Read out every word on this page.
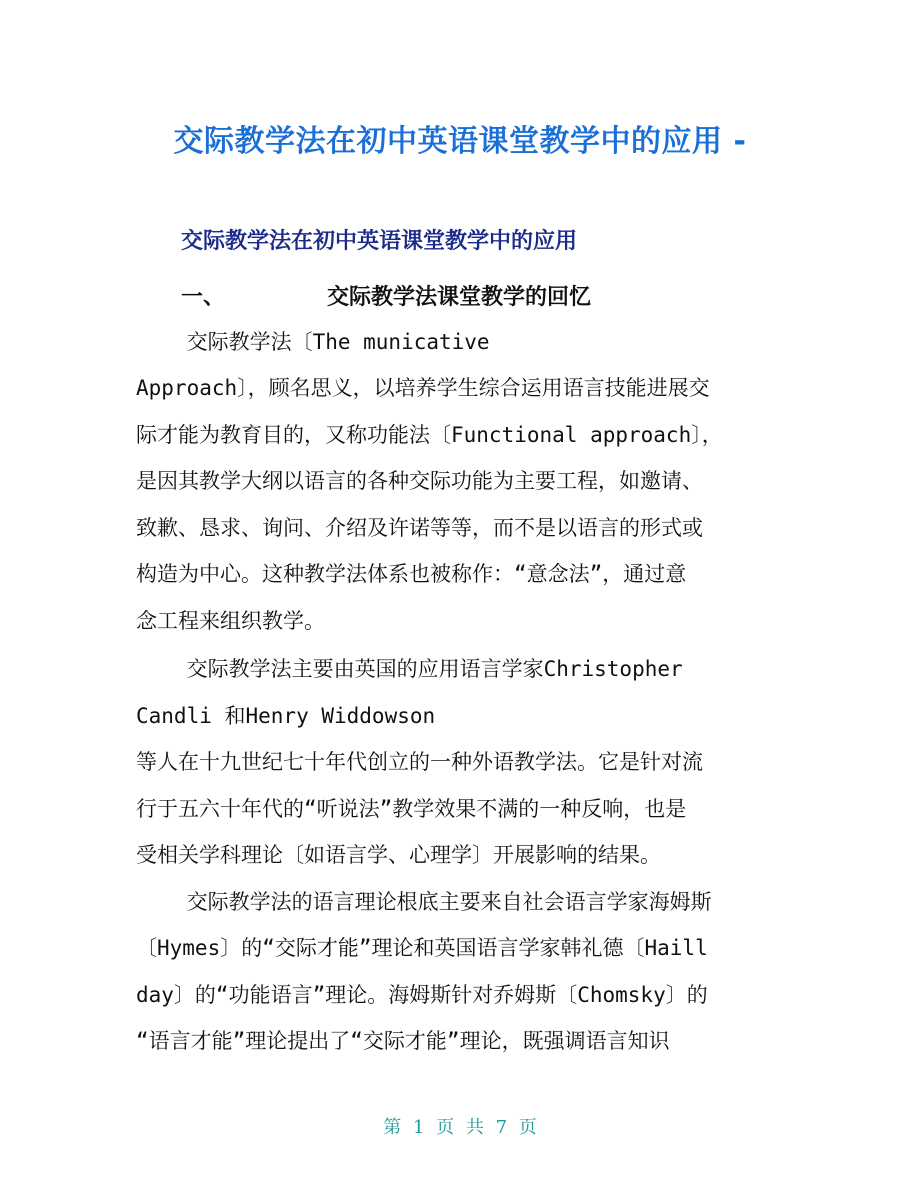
交际教学法在初中英语课堂教学中的应用 -
交际教学法在初中英语课堂教学中的应用
一、	交际教学法课堂教学的回忆
交际教学法〔The municative
Approach〕，顾名思义，以培养学生综合运用语言技能进展交
际才能为教育目的，又称功能法〔Functional approach〕，
是因其教学大纲以语言的各种交际功能为主要工程，如邀请、
致歉、恳求、询问、介绍及许诺等等，而不是以语言的形式或
构造为中心。这种教学法体系也被称作：“意念法”，通过意
念工程来组织教学。
交际教学法主要由英国的应用语言学家Christopher
Candli 和Henry Widdowson
等人在十九世纪七十年代创立的一种外语教学法。它是针对流
行于五六十年代的“听说法”教学效果不满的一种反响，也是
受相关学科理论〔如语言学、心理学〕开展影响的结果。
交际教学法的语言理论根底主要来自社会语言学家海姆斯
〔Hymes〕的“交际才能”理论和英国语言学家韩礼德〔Haill
day〕的“功能语言”理论。海姆斯针对乔姆斯〔Chomsky〕的
“语言才能”理论提出了“交际才能”理论，既强调语言知识
第 1 页 共 7 页
